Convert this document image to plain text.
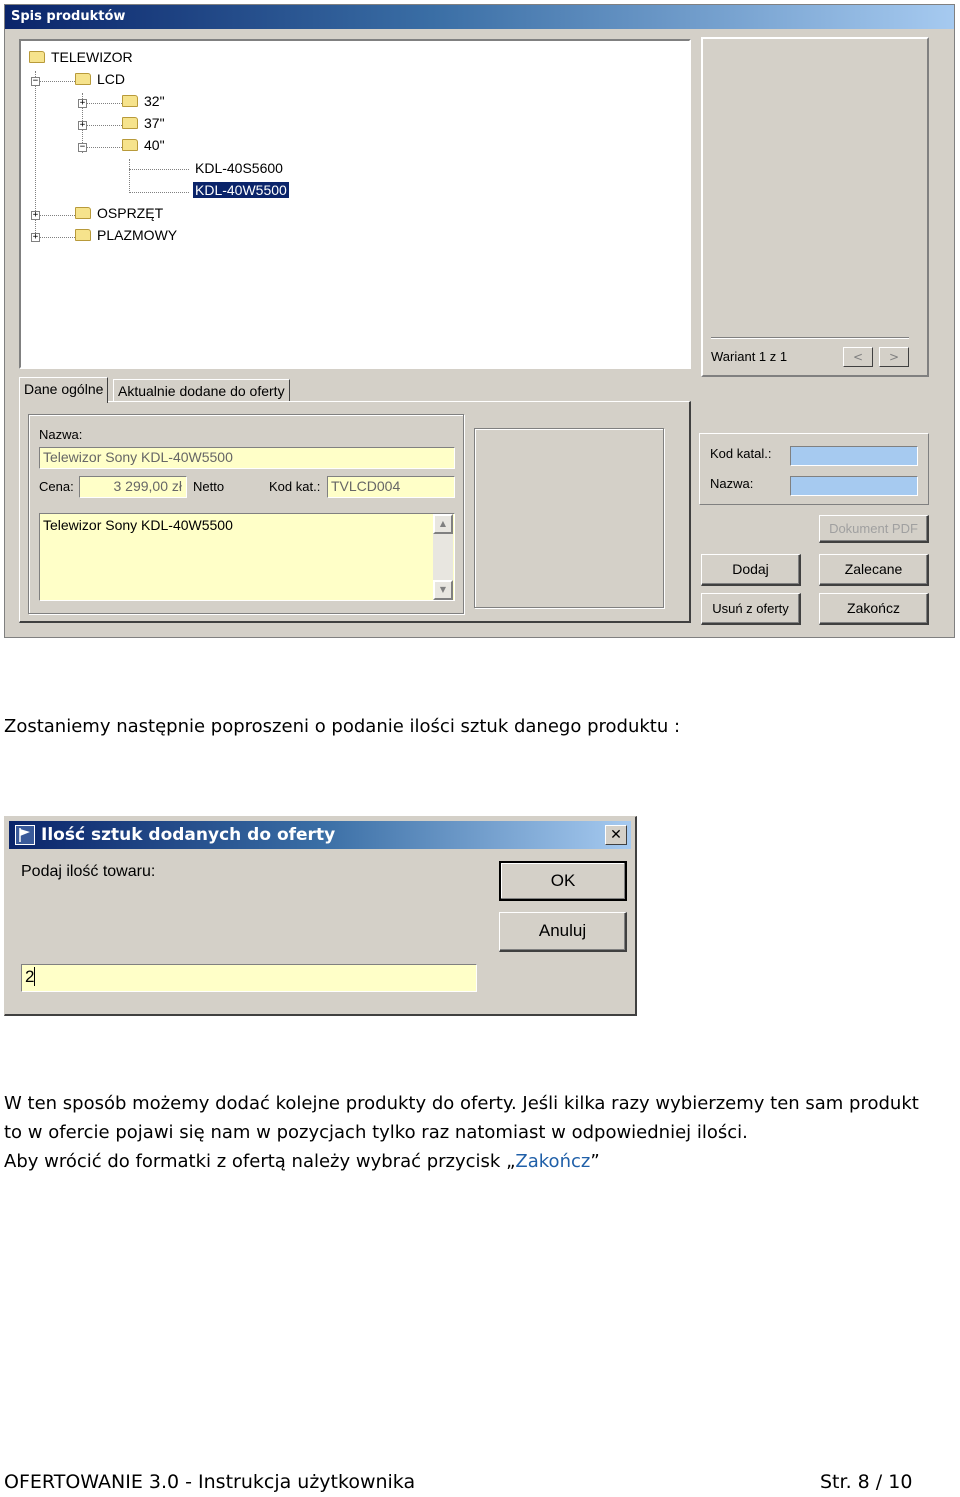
Spis produktów
TELEWIZOR
−	LCD
+	32"
+	37"
−	40"
KDL-40S5600
KDL-40W5500
+	OSPRZĘT
+	PLAZMOWY
Wariant 1 z 1	<	>
Dane ogólne	Aktualnie dodane do oferty
Nazwa:
Telewizor Sony KDL-40W5500
Cena:	3 299,00 zł Netto	Kod kat.: TVLCD004
Telewizor Sony KDL-40W5500	▲
▼
Kod katal.:
Nazwa:
Dokument PDF
Dodaj	Zalecane
Usuń z oferty	Zakończ
Zostaniemy następnie poproszeni o podanie ilości sztuk danego produktu :
Ilość sztuk dodanych do oferty	✕
Podaj ilość towaru:	OK
Anuluj
2
W ten sposób możemy dodać kolejne produkty do oferty. Jeśli kilka razy wybierzemy ten sam produkt
to w ofercie pojawi się nam w pozycjach tylko raz natomiast w odpowiedniej ilości.
Aby wrócić do formatki z ofertą należy wybrać przycisk „Zakończ”
OFERTOWANIE 3.0 - Instrukcja użytkownika	Str. 8 / 10
